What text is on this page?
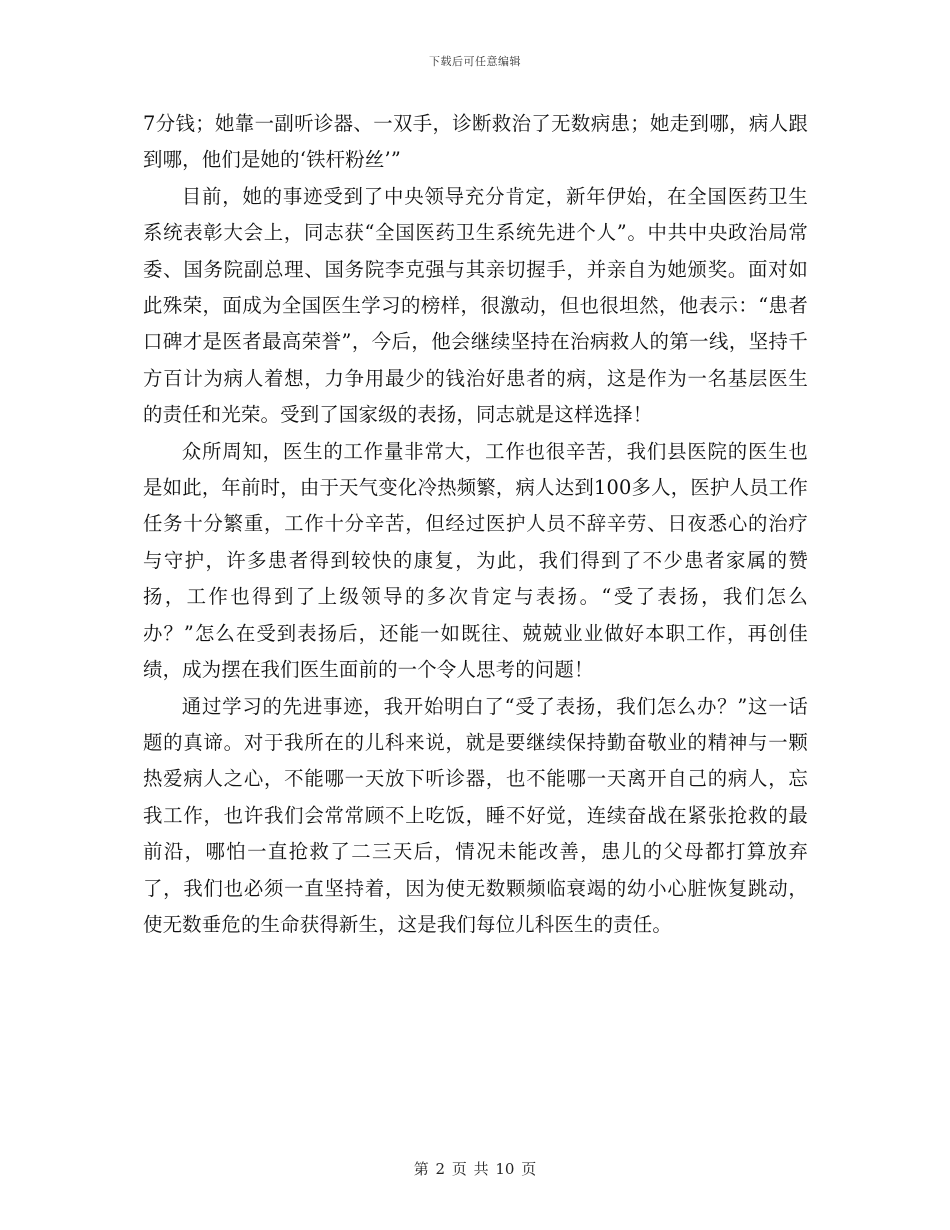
下载后可任意编辑

7分钱；她靠一副听诊器、一双手，诊断救治了无数病患；她走到哪，病人跟到哪，他们是她的‘铁杆粉丝’”

目前，她的事迹受到了中央领导充分肯定，新年伊始，在全国医药卫生系统表彰大会上，同志获“全国医药卫生系统先进个人”。中共中央政治局常委、国务院副总理、国务院李克强与其亲切握手，并亲自为她颁奖。面对如此殊荣，面成为全国医生学习的榜样，很激动，但也很坦然，他表示：“患者口碑才是医者最高荣誉”，今后，他会继续坚持在治病救人的第一线，坚持千方百计为病人着想，力争用最少的钱治好患者的病，这是作为一名基层医生的责任和光荣。受到了国家级的表扬，同志就是这样选择！

众所周知，医生的工作量非常大，工作也很辛苦，我们县医院的医生也是如此，年前时，由于天气变化冷热频繁，病人达到100多人，医护人员工作任务十分繁重，工作十分辛苦，但经过医护人员不辞辛劳、日夜悉心的治疗与守护，许多患者得到较快的康复，为此，我们得到了不少患者家属的赞扬，工作也得到了上级领导的多次肯定与表扬。“受了表扬，我们怎么办？”怎么在受到表扬后，还能一如既往、兢兢业业做好本职工作，再创佳绩，成为摆在我们医生面前的一个令人思考的问题！

通过学习的先进事迹，我开始明白了“受了表扬，我们怎么办？”这一话题的真谛。对于我所在的儿科来说，就是要继续保持勤奋敬业的精神与一颗热爱病人之心，不能哪一天放下听诊器，也不能哪一天离开自己的病人，忘我工作，也许我们会常常顾不上吃饭，睡不好觉，连续奋战在紧张抢救的最前沿，哪怕一直抢救了二三天后，情况未能改善，患儿的父母都打算放弃了，我们也必须一直坚持着，因为使无数颗频临衰竭的幼小心脏恢复跳动，使无数垂危的生命获得新生，这是我们每位儿科医生的责任。

第 2 页 共 10 页
